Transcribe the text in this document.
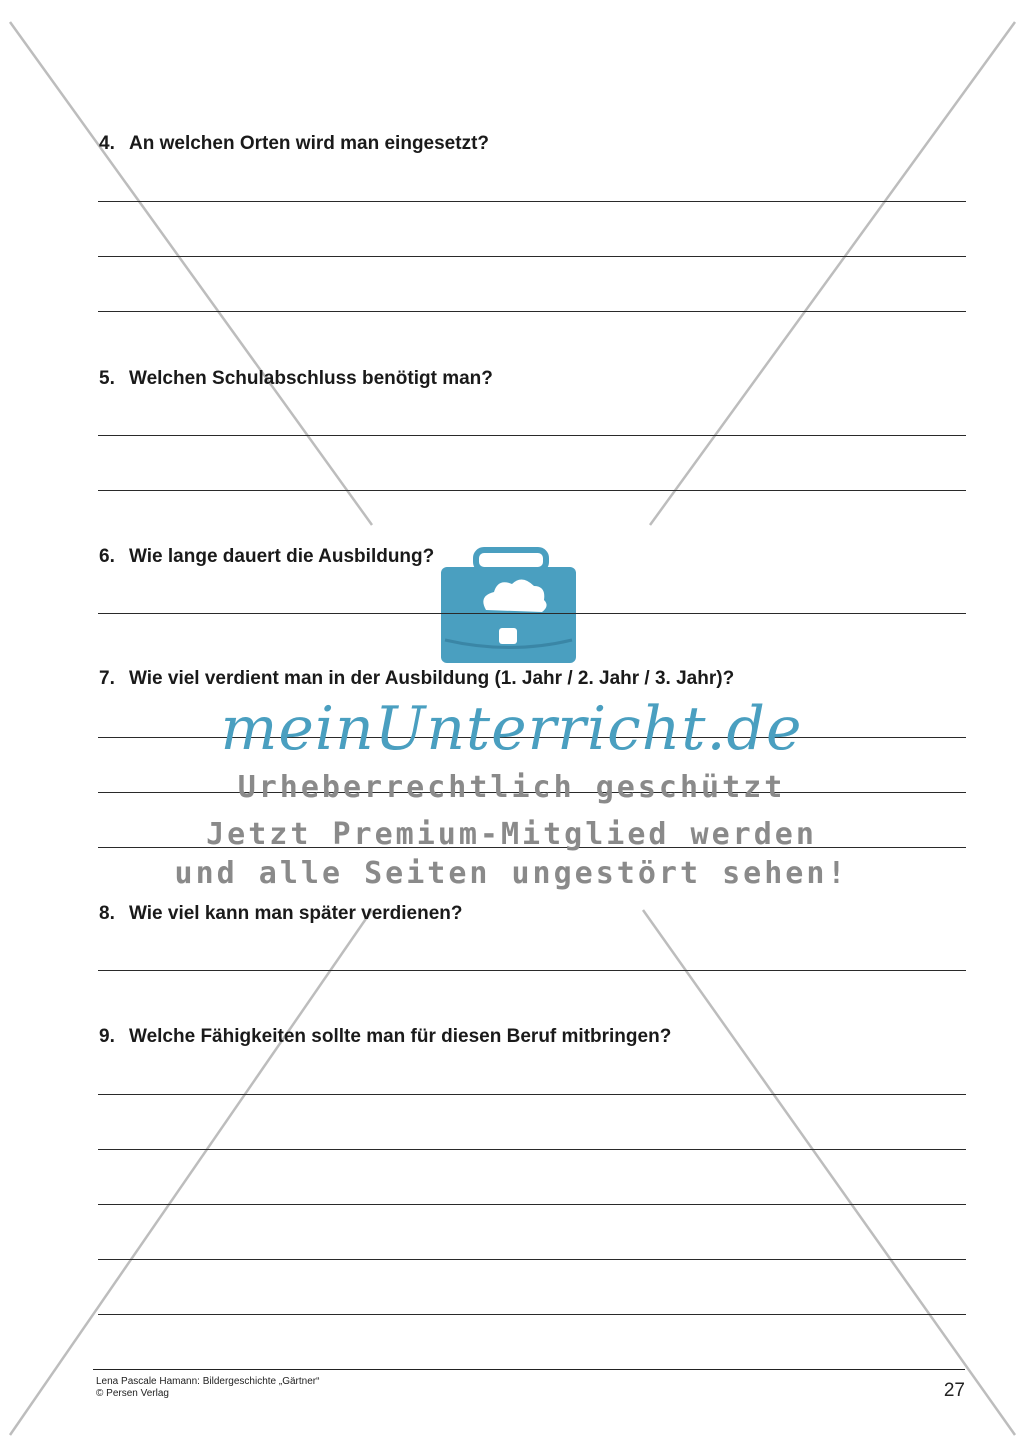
4. An welchen Orten wird man eingesetzt?
5. Welchen Schulabschluss benötigt man?
6. Wie lange dauert die Ausbildung?
7. Wie viel verdient man in der Ausbildung (1. Jahr / 2. Jahr / 3. Jahr)?
8. Wie viel kann man später verdienen?
9. Welche Fähigkeiten sollte man für diesen Beruf mitbringen?
meinUnterricht.de
Urheberrechtlich geschützt
Jetzt Premium-Mitglied werden
und alle Seiten ungestört sehen!
Lena Pascale Hamann: Bildergeschichte „Gärtner“
© Persen Verlag	27
